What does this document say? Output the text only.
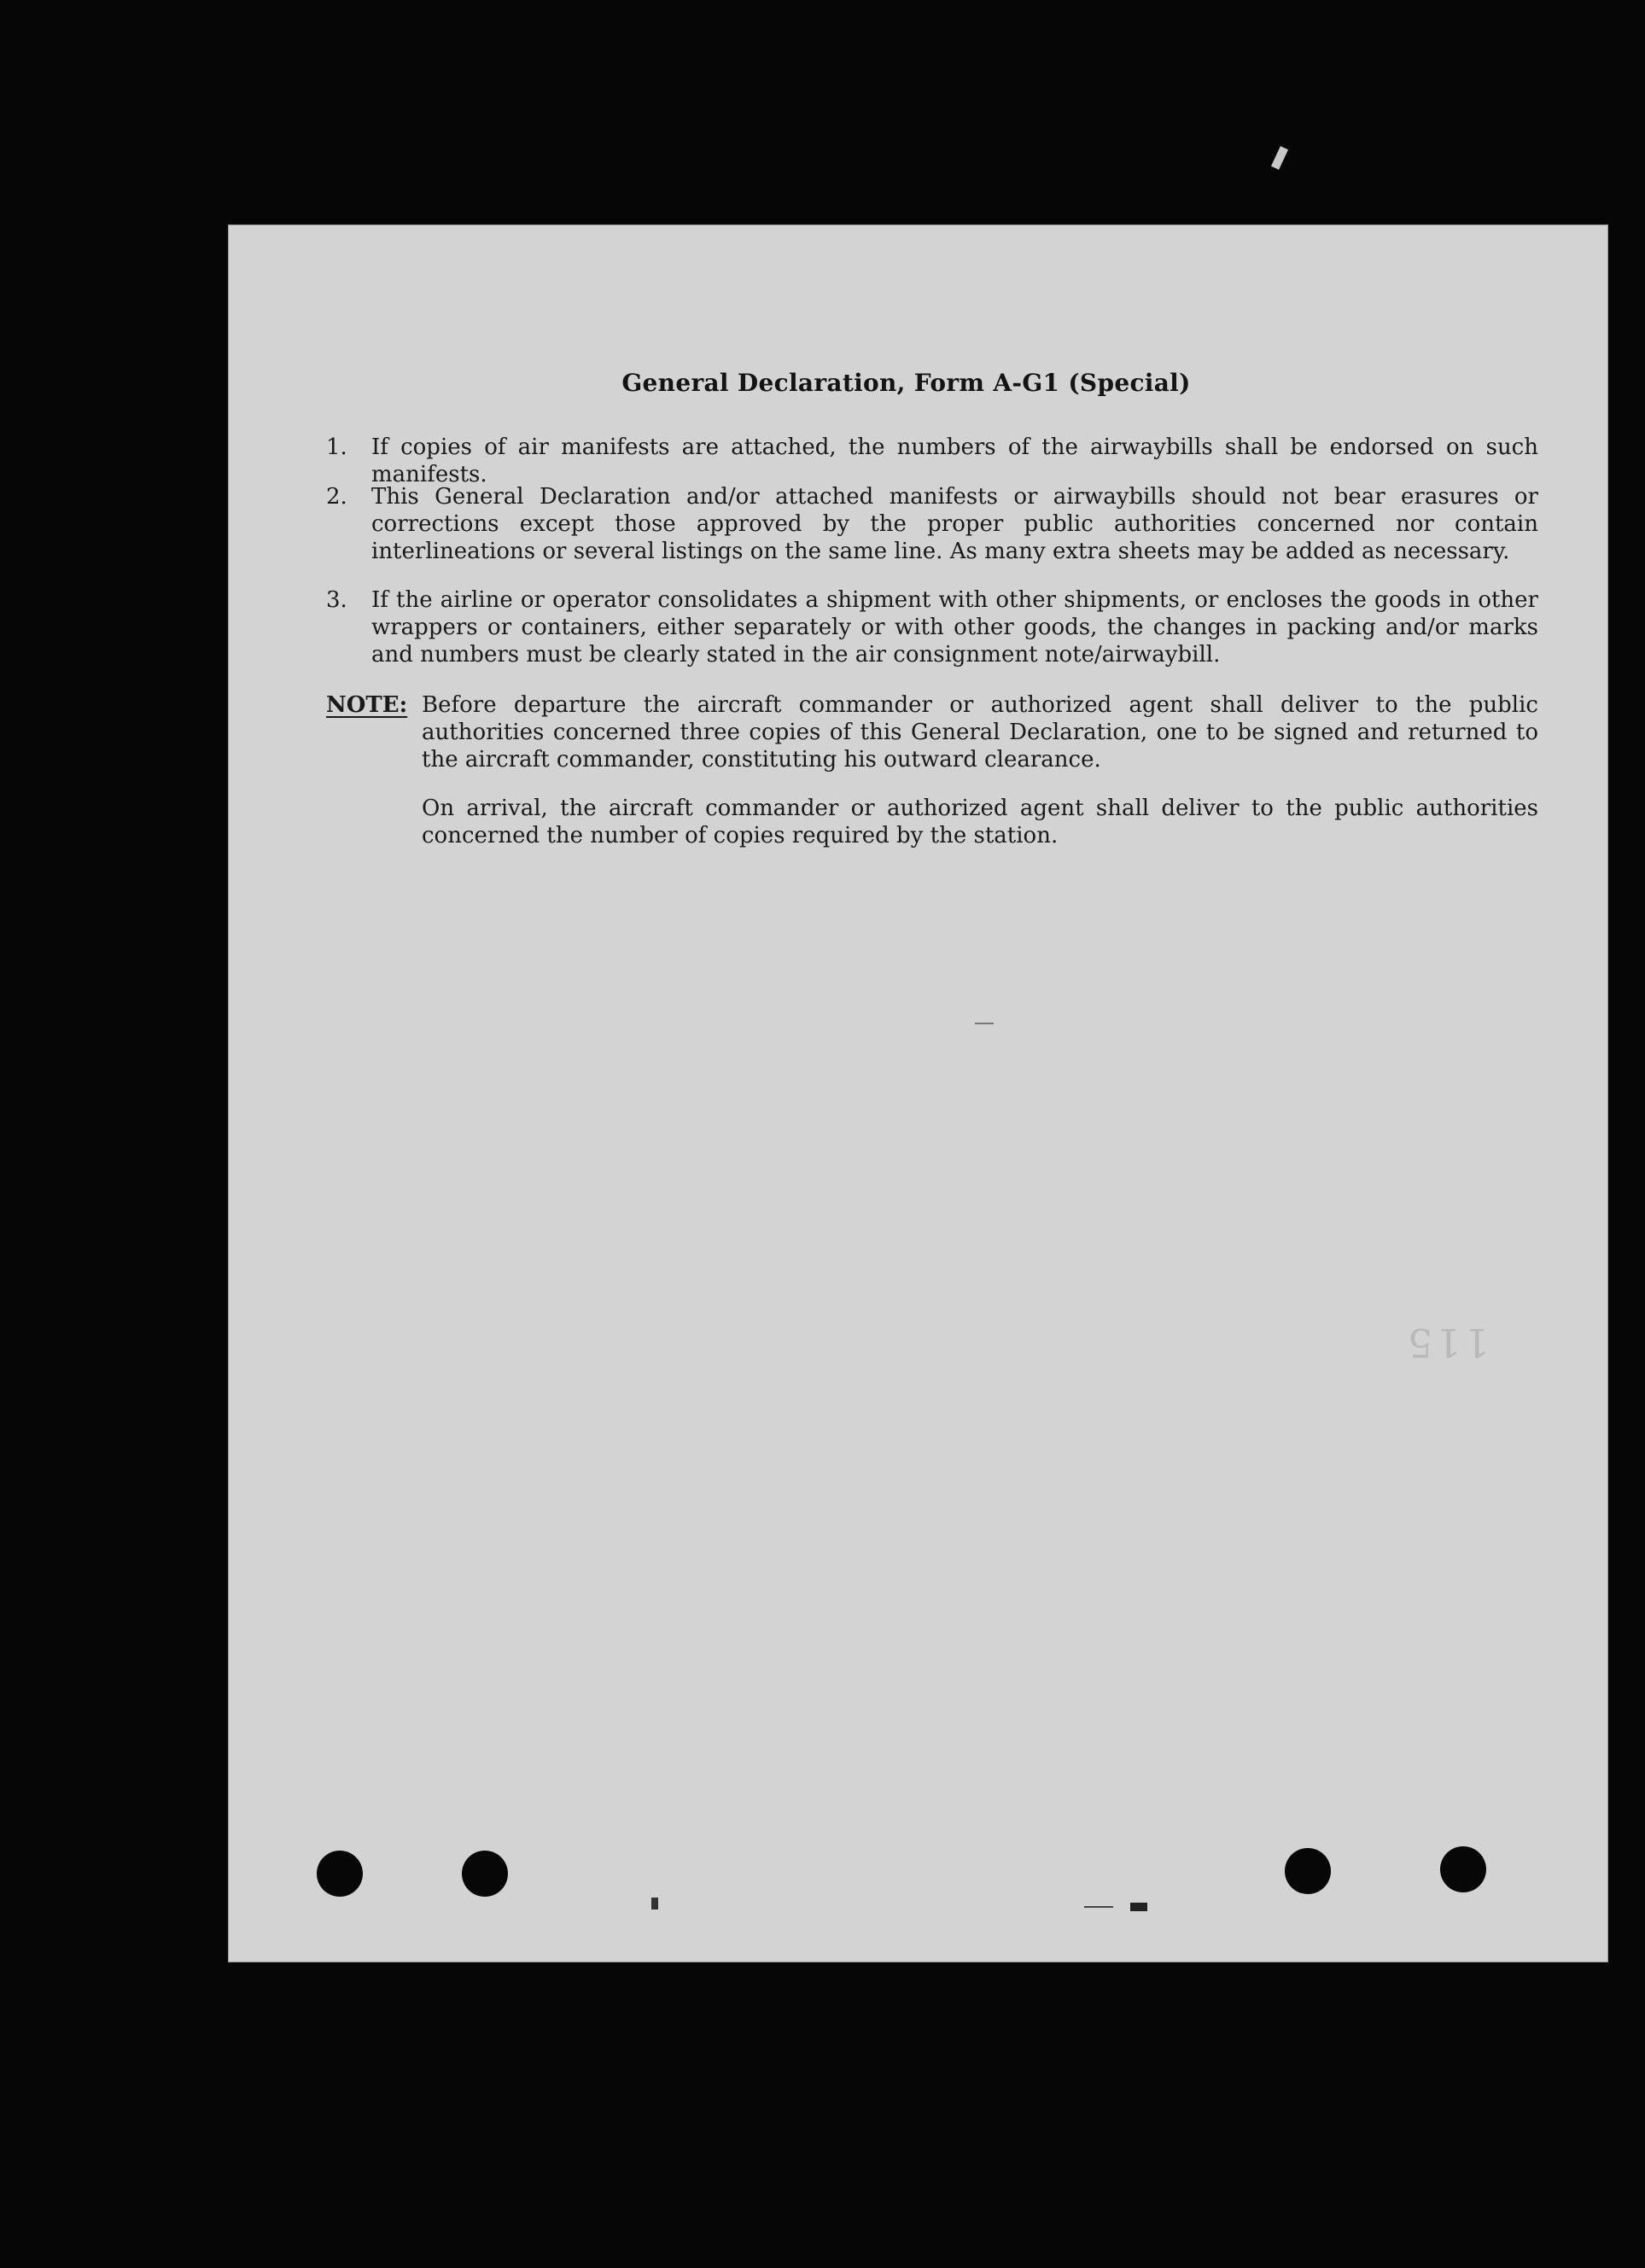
General Declaration, Form A-G1 (Special)
1.	If copies of air manifests are attached, the numbers of the airwaybills shall be endorsed on such manifests.
2.	This General Declaration and/or attached manifests or airwaybills should not bear erasures or corrections except those approved by the proper public authorities concerned nor contain interlineations or several listings on the same line. As many extra sheets may be added as necessary.
3.	If the airline or operator consolidates a shipment with other shipments, or encloses the goods in other wrappers or containers, either separately or with other goods, the changes in packing and/or marks and numbers must be clearly stated in the air consignment note/airwaybill.
NOTE: Before departure the aircraft commander or authorized agent shall deliver to the public authorities concerned three copies of this General Declaration, one to be signed and returned to the aircraft commander, constituting his outward clearance.
On arrival, the aircraft commander or authorized agent shall deliver to the public authorities concerned the number of copies required by the station.
115
